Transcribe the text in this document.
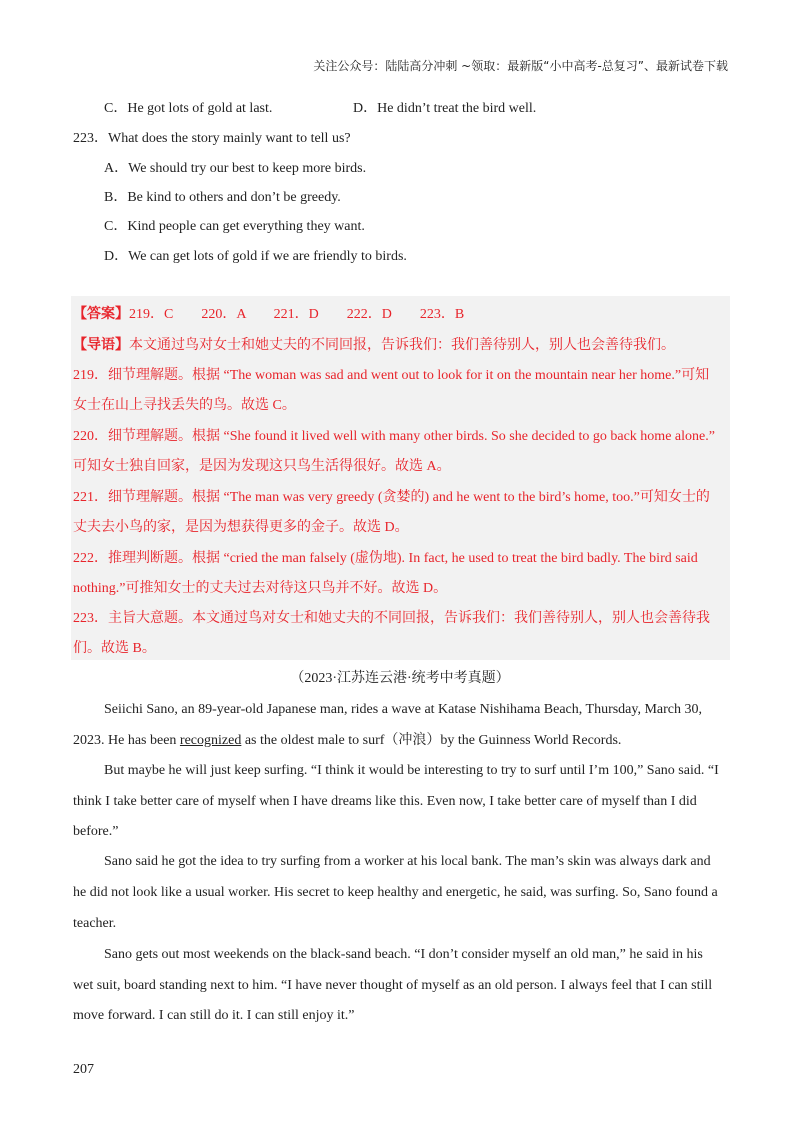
关注公众号：陆陆高分冲刺 ~领取：最新版“小中高考-总复习”、最新试卷下载
C．He got lots of gold at last.	D．He didn’t treat the bird well.
223．What does the story mainly want to tell us?
A．We should try our best to keep more birds.
B．Be kind to others and don’t be greedy.
C．Kind people can get everything they want.
D．We can get lots of gold if we are friendly to birds.
【答案】219．C        220．A        221．D        222．D        223．B
【导语】本文通过鸟对女士和她丈夫的不同回报，告诉我们：我们善待别人，别人也会善待我们。
219．细节理解题。根据 “The woman was sad and went out to look for it on the mountain near her home.”可知
女士在山上寻找丢失的鸟。故选 C。
220．细节理解题。根据 “She found it lived well with many other birds. So she decided to go back home alone.”
可知女士独自回家，是因为发现这只鸟生活得很好。故选 A。
221．细节理解题。根据 “The man was very greedy (贪婪的) and he went to the bird’s home, too.”可知女士的
丈夫去小鸟的家，是因为想获得更多的金子。故选 D。
222．推理判断题。根据 “cried the man falsely (虚伪地). In fact, he used to treat the bird badly. The bird said
nothing.”可推知女士的丈夫过去对待这只鸟并不好。故选 D。
223．主旨大意题。本文通过鸟对女士和她丈夫的不同回报，告诉我们：我们善待别人，别人也会善待我
们。故选 B。
（2023·江苏连云港·统考中考真题）
Seiichi Sano, an 89-year-old Japanese man, rides a wave at Katase Nishihama Beach, Thursday, March 30,
2023. He has been recognized as the oldest male to surf（冲浪）by the Guinness World Records.
But maybe he will just keep surfing. “I think it would be interesting to try to surf until I’m 100,” Sano said. “I
think I take better care of myself when I have dreams like this. Even now, I take better care of myself than I did
before.”
Sano said he got the idea to try surfing from a worker at his local bank. The man’s skin was always dark and
he did not look like a usual worker. His secret to keep healthy and energetic, he said, was surfing. So, Sano found a
teacher.
Sano gets out most weekends on the black-sand beach. “I don’t consider myself an old man,” he said in his
wet suit, board standing next to him. “I have never thought of myself as an old person. I always feel that I can still
move forward. I can still do it. I can still enjoy it.”
207
